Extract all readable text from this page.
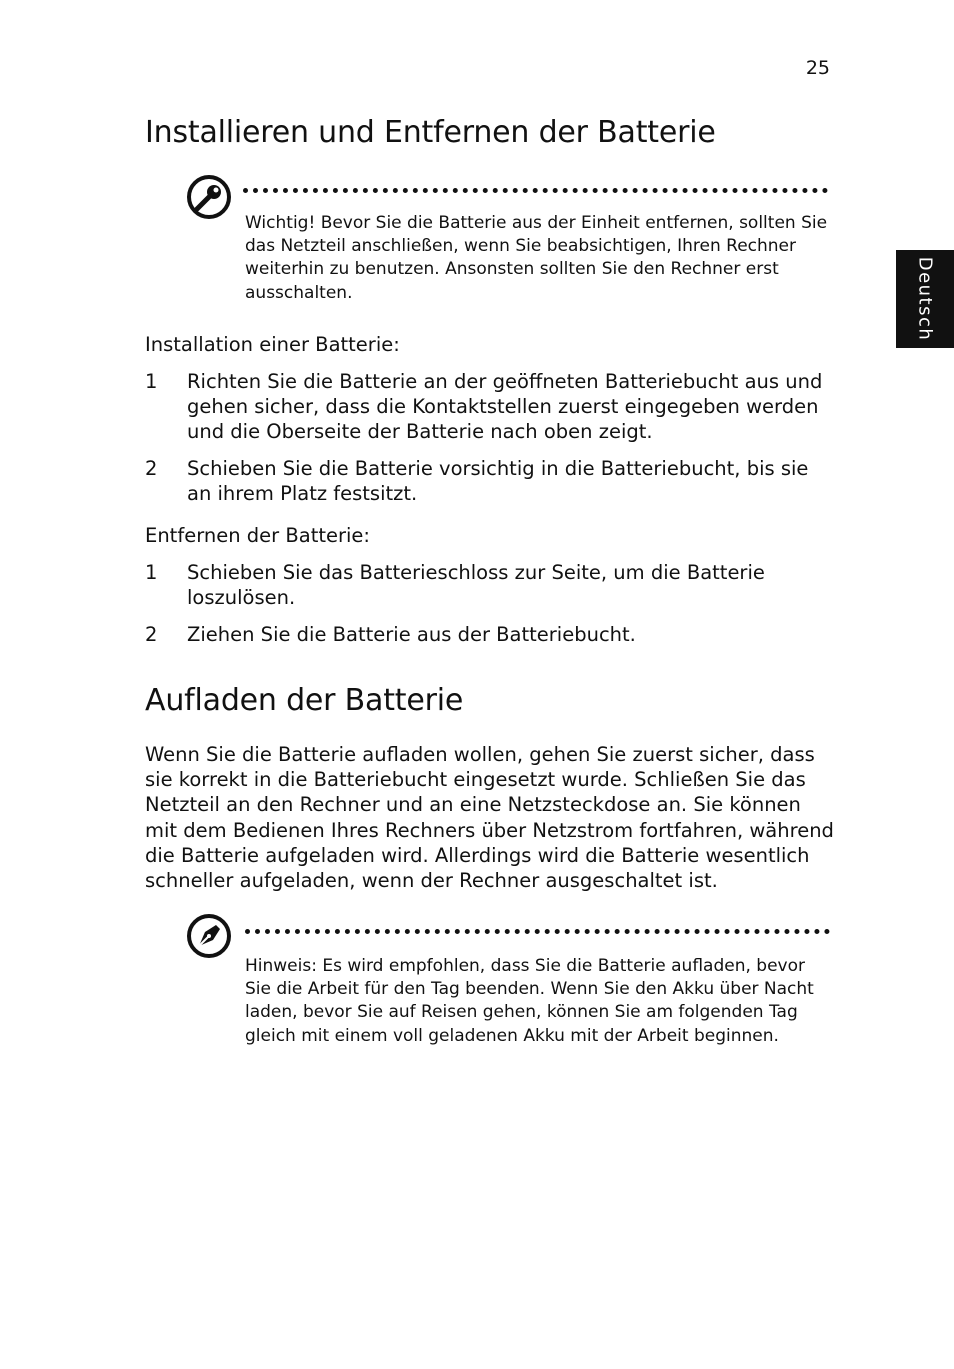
25
Deutsch
Installieren und Entfernen der Batterie

Wichtig! Bevor Sie die Batterie aus der Einheit entfernen, sollten Sie das Netzteil anschließen, wenn Sie beabsichtigen, Ihren Rechner weiterhin zu benutzen. Ansonsten sollten Sie den Rechner erst ausschalten.

Installation einer Batterie:

1 Richten Sie die Batterie an der geöffneten Batteriebucht aus und gehen sicher, dass die Kontaktstellen zuerst eingegeben werden und die Oberseite der Batterie nach oben zeigt.
2 Schieben Sie die Batterie vorsichtig in die Batteriebucht, bis sie an ihrem Platz festsitzt.

Entfernen der Batterie:

1 Schieben Sie das Batterieschloss zur Seite, um die Batterie loszulösen.
2 Ziehen Sie die Batterie aus der Batteriebucht.
Aufladen der Batterie

Wenn Sie die Batterie aufladen wollen, gehen Sie zuerst sicher, dass sie korrekt in die Batteriebucht eingesetzt wurde. Schließen Sie das Netzteil an den Rechner und an eine Netzsteckdose an. Sie können mit dem Bedienen Ihres Rechners über Netzstrom fortfahren, während die Batterie aufgeladen wird. Allerdings wird die Batterie wesentlich schneller aufgeladen, wenn der Rechner ausgeschaltet ist.

Hinweis: Es wird empfohlen, dass Sie die Batterie aufladen, bevor Sie die Arbeit für den Tag beenden. Wenn Sie den Akku über Nacht laden, bevor Sie auf Reisen gehen, können Sie am folgenden Tag gleich mit einem voll geladenen Akku mit der Arbeit beginnen.
